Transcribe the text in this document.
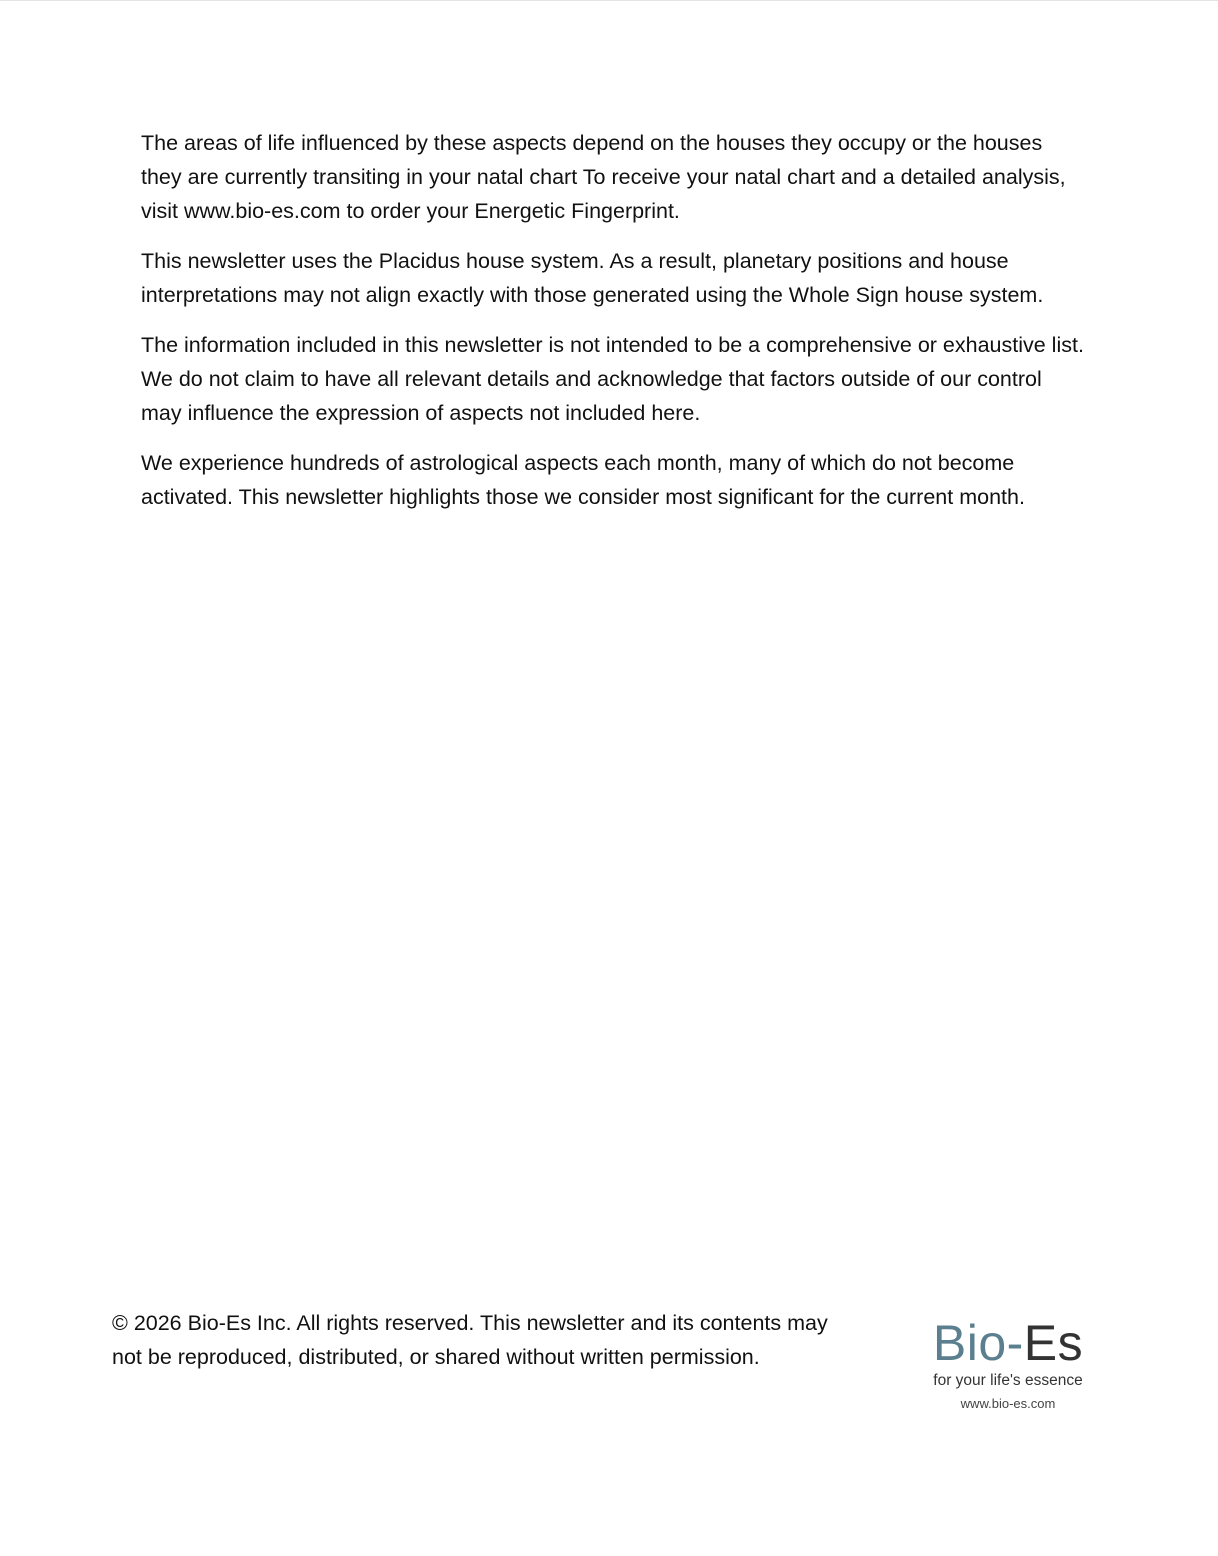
The areas of life influenced by these aspects depend on the houses they occupy or the houses they are currently transiting in your natal chart To receive your natal chart and a detailed analysis, visit www.bio-es.com to order your Energetic Fingerprint.

This newsletter uses the Placidus house system. As a result, planetary positions and house interpretations may not align exactly with those generated using the Whole Sign house system.

The information included in this newsletter is not intended to be a comprehensive or exhaustive list. We do not claim to have all relevant details and acknowledge that factors outside of our control may influence the expression of aspects not included here.

We experience hundreds of astrological aspects each month, many of which do not become activated. This newsletter highlights those we consider most significant for the current month.

© 2026 Bio-Es Inc. All rights reserved. This newsletter and its contents may not be reproduced, distributed, or shared without written permission.	Bio-Es
for your life's essence
www.bio-es.com
